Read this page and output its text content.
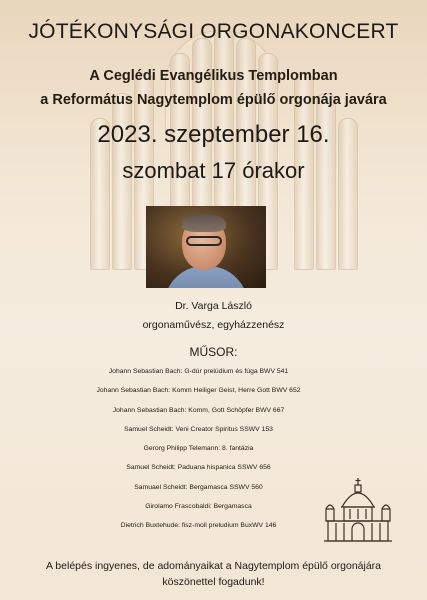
JÓTÉKONYSÁGI ORGONAKONCERT
A Ceglédi Evangélikus Templomban
a Református Nagytemplom épülő orgonája javára
2023. szeptember 16.
szombat 17 órakor
Dr. Varga László
orgonaművész, egyházzenész
MŰSOR:
Johann Sebastian Bach: G-dúr prelúdium és fúga BWV 541
Johann Sebastian Bach: Komm Heiliger Geist, Herre Gott BWV 652
Johann Sebastian Bach: Komm, Gott Schöpfer BWV 667
Samuel Scheidt: Veni Creator Spiritus SSWV 153
Gerorg Philipp Telemann: 8. fantázia
Samuel Scheidt: Paduana hispanica SSWV 656
Samuael Scheidt: Bergamasca SSWV 560
Girolamo Frascobaldi: Bergamasca
Dietrich Buxtehude: fisz-moll preludium BuxWV 146
A belépés ingyenes, de adományaikat a Nagytemplom épülő orgonájára
köszönettel fogadunk!
